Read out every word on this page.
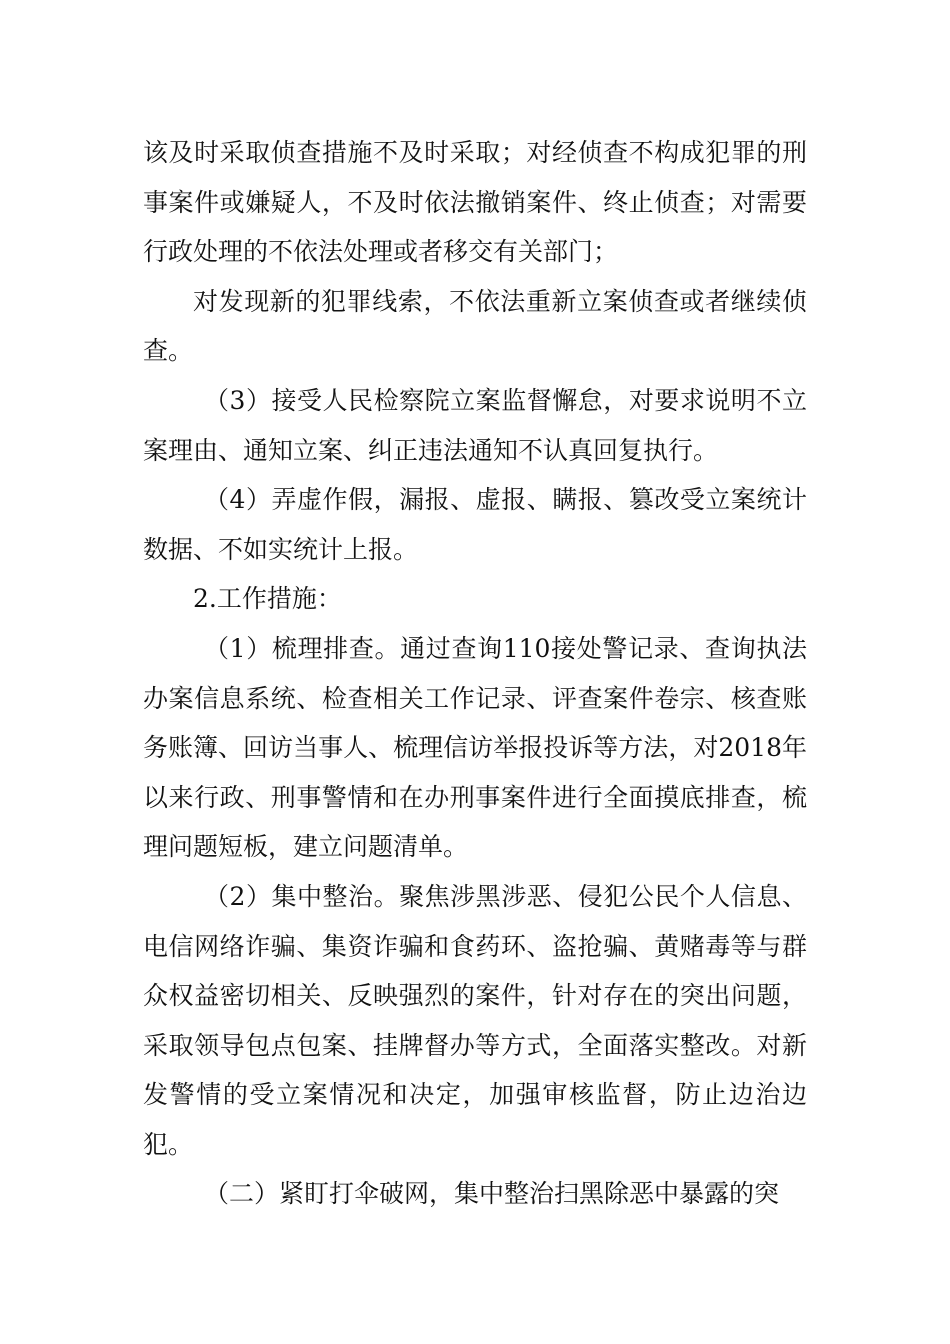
该及时采取侦查措施不及时采取；对经侦查不构成犯罪的刑事案件或嫌疑人，不及时依法撤销案件、终止侦查；对需要行政处理的不依法处理或者移交有关部门；

对发现新的犯罪线索，不依法重新立案侦查或者继续侦查。

（3）接受人民检察院立案监督懈怠，对要求说明不立案理由、通知立案、纠正违法通知不认真回复执行。

（4）弄虚作假，漏报、虚报、瞒报、篡改受立案统计数据、不如实统计上报。

2.工作措施：

（1）梳理排查。通过查询110接处警记录、查询执法办案信息系统、检查相关工作记录、评查案件卷宗、核查账务账簿、回访当事人、梳理信访举报投诉等方法，对2018年以来行政、刑事警情和在办刑事案件进行全面摸底排查，梳理问题短板，建立问题清单。

（2）集中整治。聚焦涉黑涉恶、侵犯公民个人信息、电信网络诈骗、集资诈骗和食药环、盗抢骗、黄赌毒等与群众权益密切相关、反映强烈的案件，针对存在的突出问题，采取领导包点包案、挂牌督办等方式，全面落实整改。对新发警情的受立案情况和决定，加强审核监督，防止边治边犯。

（二）紧盯打伞破网，集中整治扫黑除恶中暴露的突
